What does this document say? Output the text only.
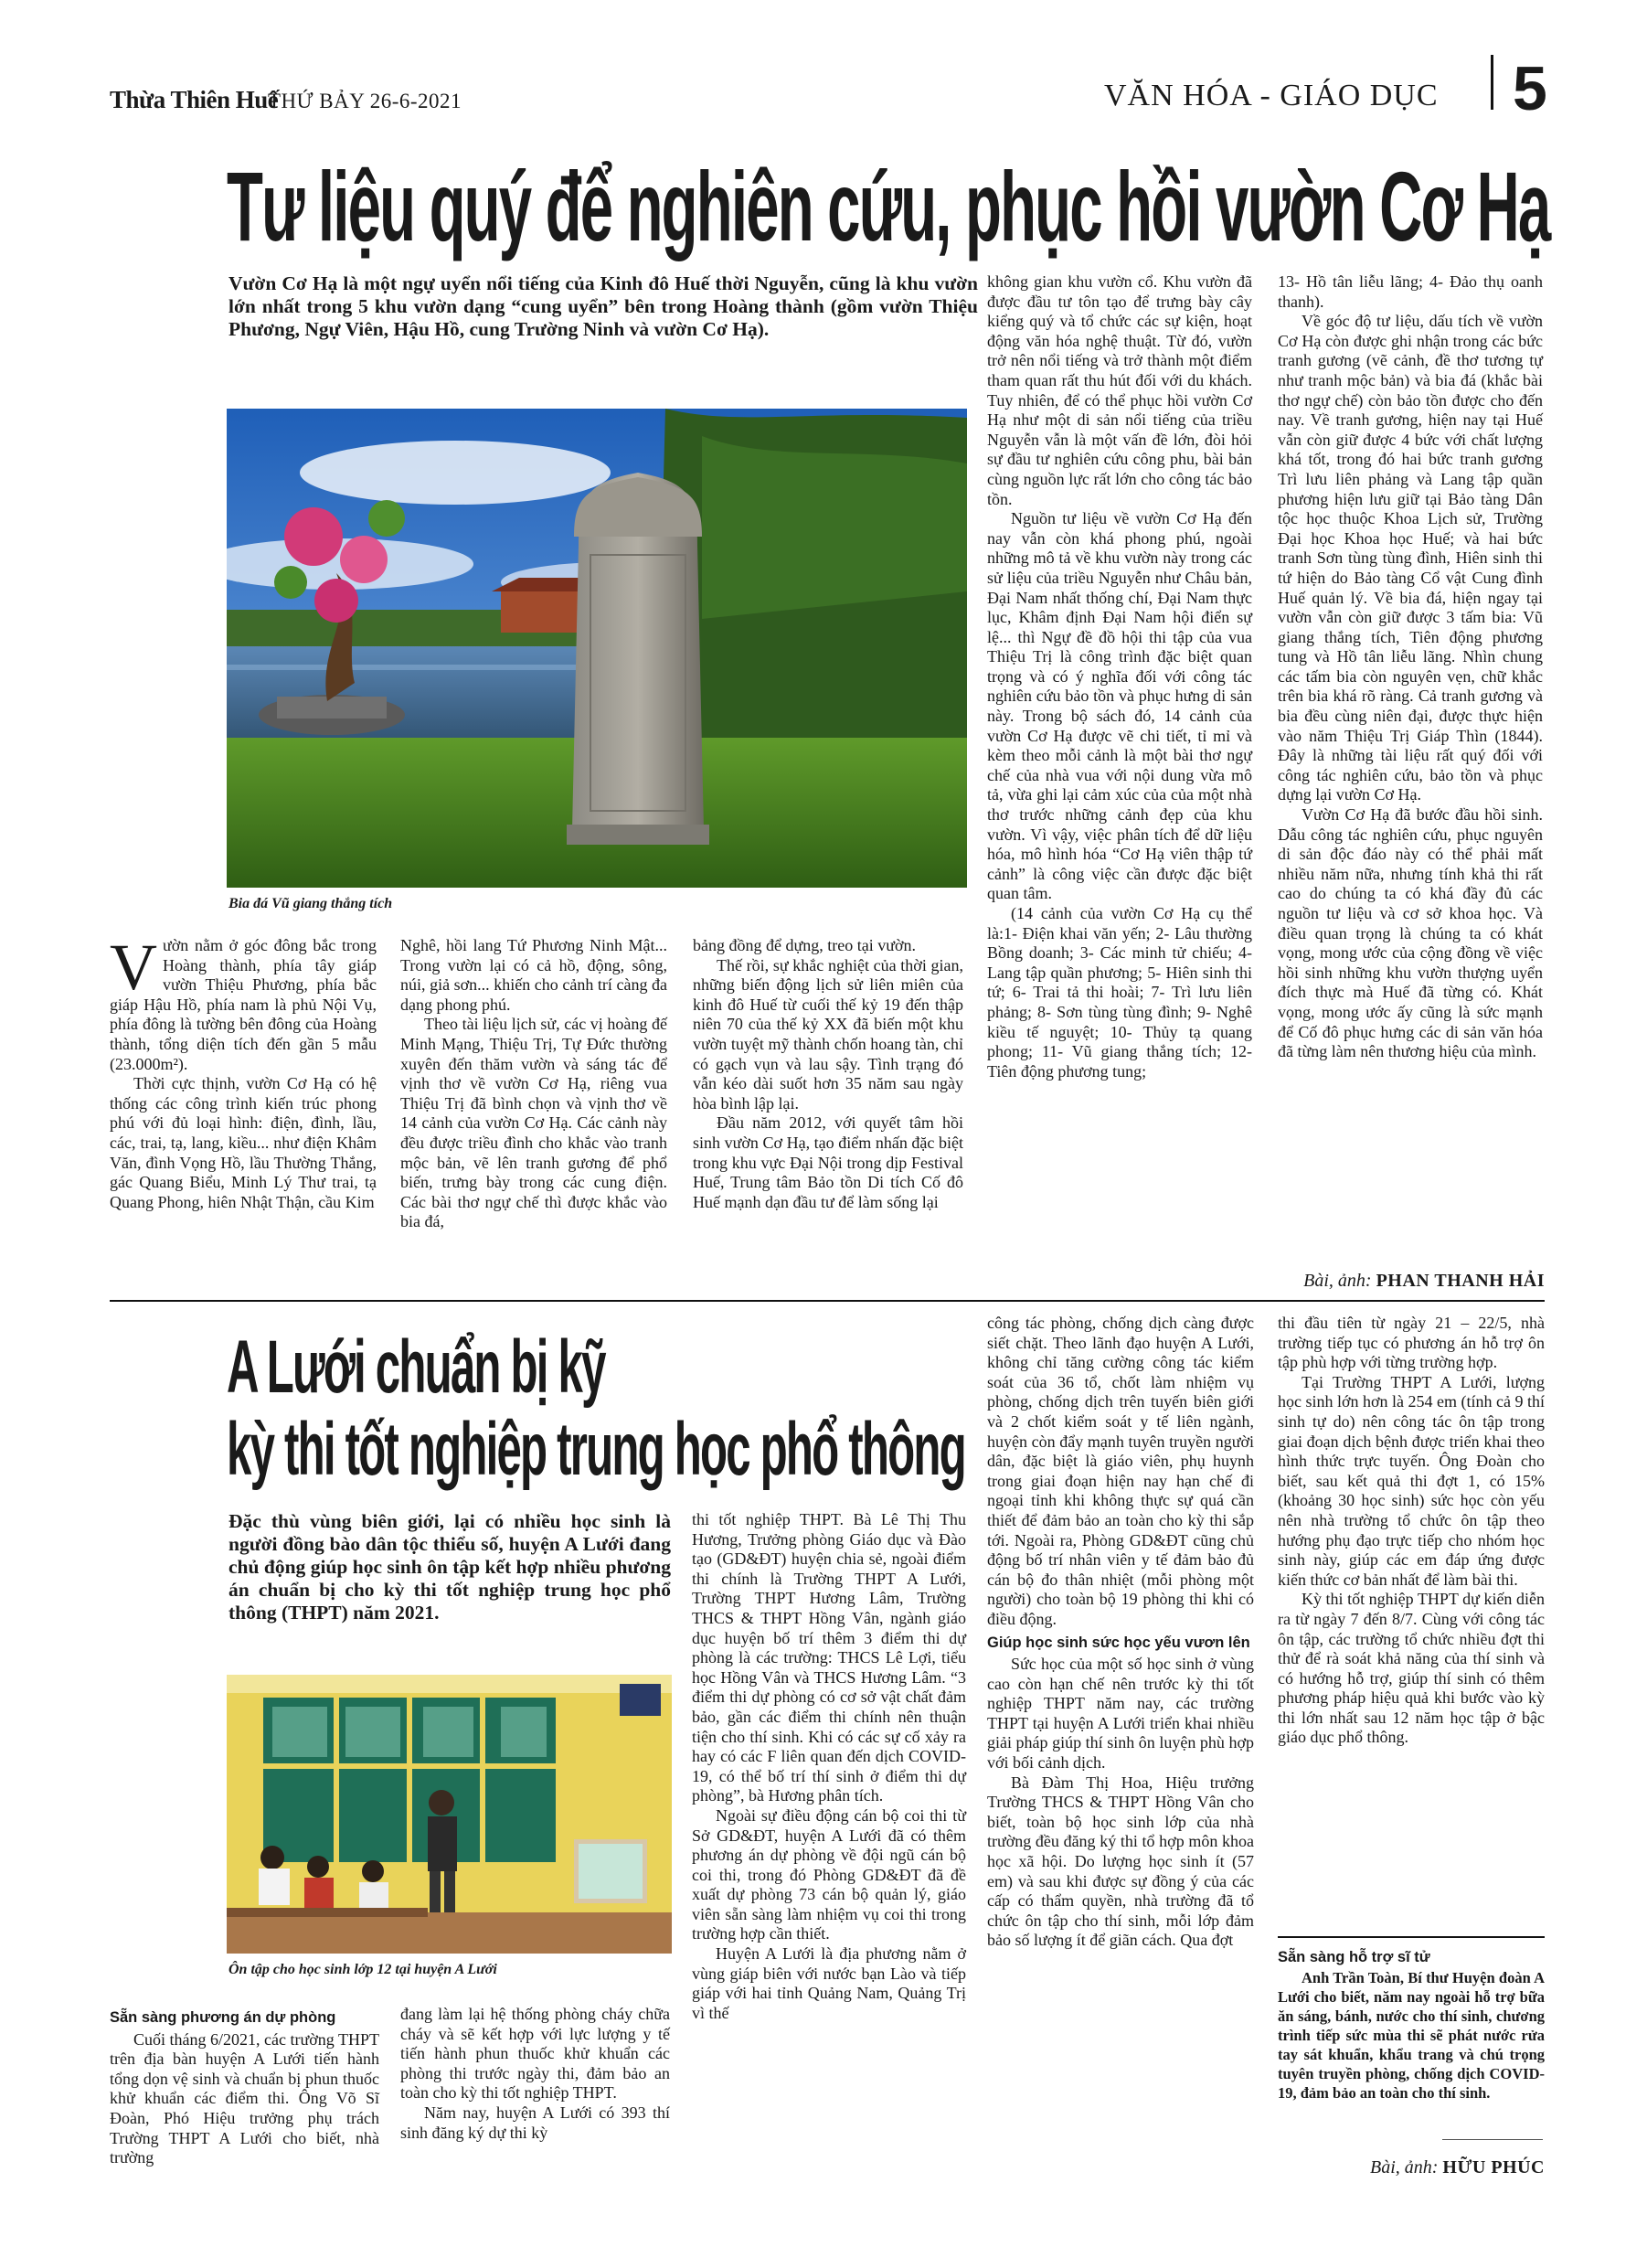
Thừa Thiên Huế
THỨ BẢY 26-6-2021	VĂN HÓA - GIÁO DỤC 5
Tư liệu quý để nghiên cứu, phục hồi vườn Cơ Hạ
Vườn Cơ Hạ là một ngự uyển nổi tiếng của Kinh đô Huế thời Nguyễn, cũng là khu vườn lớn nhất trong 5 khu vườn dạng “cung uyển” bên trong Hoàng thành (gồm vườn Thiệu Phương, Ngự Viên, Hậu Hồ, cung Trường Ninh và vườn Cơ Hạ).
Bia đá Vũ giang thắng tích
V ườn nằm ở góc đông bắc trong Hoàng thành, phía tây giáp vườn Thiệu Phương, phía bắc giáp Hậu Hồ, phía nam là phủ Nội Vụ, phía đông là tường bên đông của Hoàng thành, tổng diện tích đến gần 5 mẫu (23.000m²).

Thời cực thịnh, vườn Cơ Hạ có hệ thống các công trình kiến trúc phong phú với đủ loại hình: điện, đình, lầu, các, trai, tạ, lang, kiều... như điện Khâm Văn, đình Vọng Hồ, lầu Thường Thắng, gác Quang Biểu, Minh Lý Thư trai, tạ Quang Phong, hiên Nhật Thận, cầu Kim

Nghê, hồi lang Tứ Phương Ninh Mật... Trong vườn lại có cả hồ, động, sông, núi, giả sơn... khiến cho cảnh trí càng đa dạng phong phú.

Theo tài liệu lịch sử, các vị hoàng đế Minh Mạng, Thiệu Trị, Tự Đức thường xuyên đến thăm vườn và sáng tác để vịnh thơ về vườn Cơ Hạ, riêng vua Thiệu Trị đã bình chọn và vịnh thơ về 14 cảnh của vườn Cơ Hạ. Các cảnh này đều được triều đình cho khắc vào tranh mộc bản, vẽ lên tranh gương để phổ biến, trưng bày trong các cung điện. Các bài thơ ngự chế thì được khắc vào bia đá,

bảng đồng để dựng, treo tại vườn.

Thế rồi, sự khắc nghiệt của thời gian, những biến động lịch sử liên miên của kinh đô Huế từ cuối thế kỷ 19 đến thập niên 70 của thế kỷ XX đã biến một khu vườn tuyệt mỹ thành chốn hoang tàn, chỉ có gạch vụn và lau sậy. Tình trạng đó vẫn kéo dài suốt hơn 35 năm sau ngày hòa bình lập lại.

Đầu năm 2012, với quyết tâm hồi sinh vườn Cơ Hạ, tạo điểm nhấn đặc biệt trong khu vực Đại Nội trong dịp Festival Huế, Trung tâm Bảo tồn Di tích Cố đô Huế mạnh dạn đầu tư để làm sống lại

không gian khu vườn cổ. Khu vườn đã được đầu tư tôn tạo để trưng bày cây kiểng quý và tổ chức các sự kiện, hoạt động văn hóa nghệ thuật. Từ đó, vườn trở nên nổi tiếng và trở thành một điểm tham quan rất thu hút đối với du khách. Tuy nhiên, để có thể phục hồi vườn Cơ Hạ như một di sản nổi tiếng của triều Nguyễn vẫn là một vấn đề lớn, đòi hỏi sự đầu tư nghiên cứu công phu, bài bản cùng nguồn lực rất lớn cho công tác bảo tồn.

Nguồn tư liệu về vườn Cơ Hạ đến nay vẫn còn khá phong phú, ngoài những mô tả về khu vườn này trong các sử liệu của triều Nguyễn như Châu bản, Đại Nam nhất thống chí, Đại Nam thực lục, Khâm định Đại Nam hội điển sự lệ... thì Ngự đề đồ hội thi tập của vua Thiệu Trị là công trình đặc biệt quan trọng và có ý nghĩa đối với công tác nghiên cứu bảo tồn và phục hưng di sản này. Trong bộ sách đó, 14 cảnh của vườn Cơ Hạ được vẽ chi tiết, tỉ mỉ và kèm theo mỗi cảnh là một bài thơ ngự chế của nhà vua với nội dung vừa mô tả, vừa ghi lại cảm xúc của của một nhà thơ trước những cảnh đẹp của khu vườn. Vì vậy, việc phân tích để dữ liệu hóa, mô hình hóa “Cơ Hạ viên thập tứ cảnh” là công việc cần được đặc biệt quan tâm.

(14 cảnh của vườn Cơ Hạ cụ thể là:1- Điện khai văn yến; 2- Lâu thường Bồng doanh; 3- Các minh tử chiếu; 4- Lang tập quần phương; 5- Hiên sinh thi tứ; 6- Trai tả thi hoài; 7- Trì lưu liên phảng; 8- Sơn tùng tùng đình; 9- Nghê kiều tế nguyệt; 10- Thủy tạ quang phong; 11- Vũ giang thắng tích; 12- Tiên động phương tung;

13- Hồ tân liễu lãng; 4- Đảo thụ oanh thanh).

Về góc độ tư liệu, dấu tích về vườn Cơ Hạ còn được ghi nhận trong các bức tranh gương (vẽ cảnh, đề thơ tương tự như tranh mộc bản) và bia đá (khắc bài thơ ngự chế) còn bảo tồn được cho đến nay. Về tranh gương, hiện nay tại Huế vẫn còn giữ được 4 bức với chất lượng khá tốt, trong đó hai bức tranh gương Trì lưu liên phảng và Lang tập quần phương hiện lưu giữ tại Bảo tàng Dân tộc học thuộc Khoa Lịch sử, Trường Đại học Khoa học Huế; và hai bức tranh Sơn tùng tùng đình, Hiên sinh thi tứ hiện do Bảo tàng Cổ vật Cung đình Huế quản lý. Về bia đá, hiện ngay tại vườn vẫn còn giữ được 3 tấm bia: Vũ giang thắng tích, Tiên động phương tung và Hồ tân liễu lãng. Nhìn chung các tấm bia còn nguyên vẹn, chữ khắc trên bia khá rõ ràng. Cả tranh gương và bia đều cùng niên đại, được thực hiện vào năm Thiệu Trị Giáp Thìn (1844). Đây là những tài liệu rất quý đối với công tác nghiên cứu, bảo tồn và phục dựng lại vườn Cơ Hạ.

Vườn Cơ Hạ đã bước đầu hồi sinh. Dẫu công tác nghiên cứu, phục nguyên di sản độc đáo này có thể phải mất nhiều năm nữa, nhưng tính khả thi rất cao do chúng ta có khá đầy đủ các nguồn tư liệu và cơ sở khoa học. Và điều quan trọng là chúng ta có khát vọng, mong ước của cộng đồng về việc hồi sinh những khu vườn thượng uyển đích thực mà Huế đã từng có. Khát vọng, mong ước ấy cũng là sức mạnh để Cố đô phục hưng các di sản văn hóa đã từng làm nên thương hiệu của mình.

Bài, ảnh: PHAN THANH HẢI
A Lưới chuẩn bị kỹ
kỳ thi tốt nghiệp trung học phổ thông
Đặc thù vùng biên giới, lại có nhiều học sinh là người đồng bào dân tộc thiểu số, huyện A Lưới đang chủ động giúp học sinh ôn tập kết hợp nhiều phương án chuẩn bị cho kỳ thi tốt nghiệp trung học phổ thông (THPT) năm 2021.
Ôn tập cho học sinh lớp 12 tại huyện A Lưới
Sẵn sàng phương án dự phòng

Cuối tháng 6/2021, các trường THPT trên địa bàn huyện A Lưới tiến hành tổng dọn vệ sinh và chuẩn bị phun thuốc khử khuẩn các điểm thi. Ông Võ Sĩ Đoàn, Phó Hiệu trưởng phụ trách Trường THPT A Lưới cho biết, nhà trường

đang làm lại hệ thống phòng cháy chữa cháy và sẽ kết hợp với lực lượng y tế tiến hành phun thuốc khử khuẩn các phòng thi trước ngày thi, đảm bảo an toàn cho kỳ thi tốt nghiệp THPT.

Năm nay, huyện A Lưới có 393 thí sinh đăng ký dự thi kỳ

thi tốt nghiệp THPT. Bà Lê Thị Thu Hương, Trưởng phòng Giáo dục và Đào tạo (GD&ĐT) huyện chia sẻ, ngoài điểm thi chính là Trường THPT A Lưới, Trường THPT Hương Lâm, Trường THCS & THPT Hồng Vân, ngành giáo dục huyện bố trí thêm 3 điểm thi dự phòng là các trường: THCS Lê Lợi, tiểu học Hồng Vân và THCS Hương Lâm. “3 điểm thi dự phòng có cơ sở vật chất đảm bảo, gần các điểm thi chính nên thuận tiện cho thí sinh. Khi có các sự cố xảy ra hay có các F liên quan đến dịch COVID-19, có thể bố trí thí sinh ở điểm thi dự phòng”, bà Hương phân tích.

Ngoài sự điều động cán bộ coi thi từ Sở GD&ĐT, huyện A Lưới đã có thêm phương án dự phòng về đội ngũ cán bộ coi thi, trong đó Phòng GD&ĐT đã đề xuất dự phòng 73 cán bộ quản lý, giáo viên sẵn sàng làm nhiệm vụ coi thi trong trường hợp cần thiết.

Huyện A Lưới là địa phương nằm ở vùng giáp biên với nước bạn Lào và tiếp giáp với hai tỉnh Quảng Nam, Quảng Trị vì thế

công tác phòng, chống dịch càng được siết chặt. Theo lãnh đạo huyện A Lưới, không chỉ tăng cường công tác kiểm soát của 36 tổ, chốt làm nhiệm vụ phòng, chống dịch trên tuyến biên giới và 2 chốt kiểm soát y tế liên ngành, huyện còn đẩy mạnh tuyên truyền người dân, đặc biệt là giáo viên, phụ huynh trong giai đoạn hiện nay hạn chế đi ngoại tỉnh khi không thực sự quá cần thiết để đảm bảo an toàn cho kỳ thi sắp tới. Ngoài ra, Phòng GD&ĐT cũng chủ động bố trí nhân viên y tế đảm bảo đủ cán bộ đo thân nhiệt (mỗi phòng một người) cho toàn bộ 19 phòng thi khi có điều động.

Giúp học sinh sức học yếu vươn lên

Sức học của một số học sinh ở vùng cao còn hạn chế nên trước kỳ thi tốt nghiệp THPT năm nay, các trường THPT tại huyện A Lưới triển khai nhiều giải pháp giúp thí sinh ôn luyện phù hợp với bối cảnh dịch.

Bà Đàm Thị Hoa, Hiệu trưởng Trường THCS & THPT Hồng Vân cho biết, toàn bộ học sinh lớp của nhà trường đều đăng ký thi tổ hợp môn khoa học xã hội. Do lượng học sinh ít (57 em) và sau khi được sự đồng ý của các cấp có thẩm quyền, nhà trường đã tổ chức ôn tập cho thí sinh, mỗi lớp đảm bảo số lượng ít để giãn cách. Qua đợt

thi đầu tiên từ ngày 21 – 22/5, nhà trường tiếp tục có phương án hỗ trợ ôn tập phù hợp với từng trường hợp.

Tại Trường THPT A Lưới, lượng học sinh lớn hơn là 254 em (tính cả 9 thí sinh tự do) nên công tác ôn tập trong giai đoạn dịch bệnh được triển khai theo hình thức trực tuyến. Ông Đoàn cho biết, sau kết quả thi đợt 1, có 15% (khoảng 30 học sinh) sức học còn yếu nên nhà trường tổ chức ôn tập theo hướng phụ đạo trực tiếp cho nhóm học sinh này, giúp các em đáp ứng được kiến thức cơ bản nhất để làm bài thi.

Kỳ thi tốt nghiệp THPT dự kiến diễn ra từ ngày 7 đến 8/7. Cùng với công tác ôn tập, các trường tổ chức nhiều đợt thi thử để rà soát khả năng của thí sinh và có hướng hỗ trợ, giúp thí sinh có thêm phương pháp hiệu quả khi bước vào kỳ thi lớn nhất sau 12 năm học tập ở bậc giáo dục phổ thông.

Sẵn sàng hỗ trợ sĩ tử
Anh Trần Toàn, Bí thư Huyện đoàn A Lưới cho biết, năm nay ngoài hỗ trợ bữa ăn sáng, bánh, nước cho thí sinh, chương trình tiếp sức mùa thi sẽ phát nước rửa tay sát khuẩn, khẩu trang và chú trọng tuyên truyền phòng, chống dịch COVID-19, đảm bảo an toàn cho thí sinh.
Bài, ảnh: HỮU PHÚC
